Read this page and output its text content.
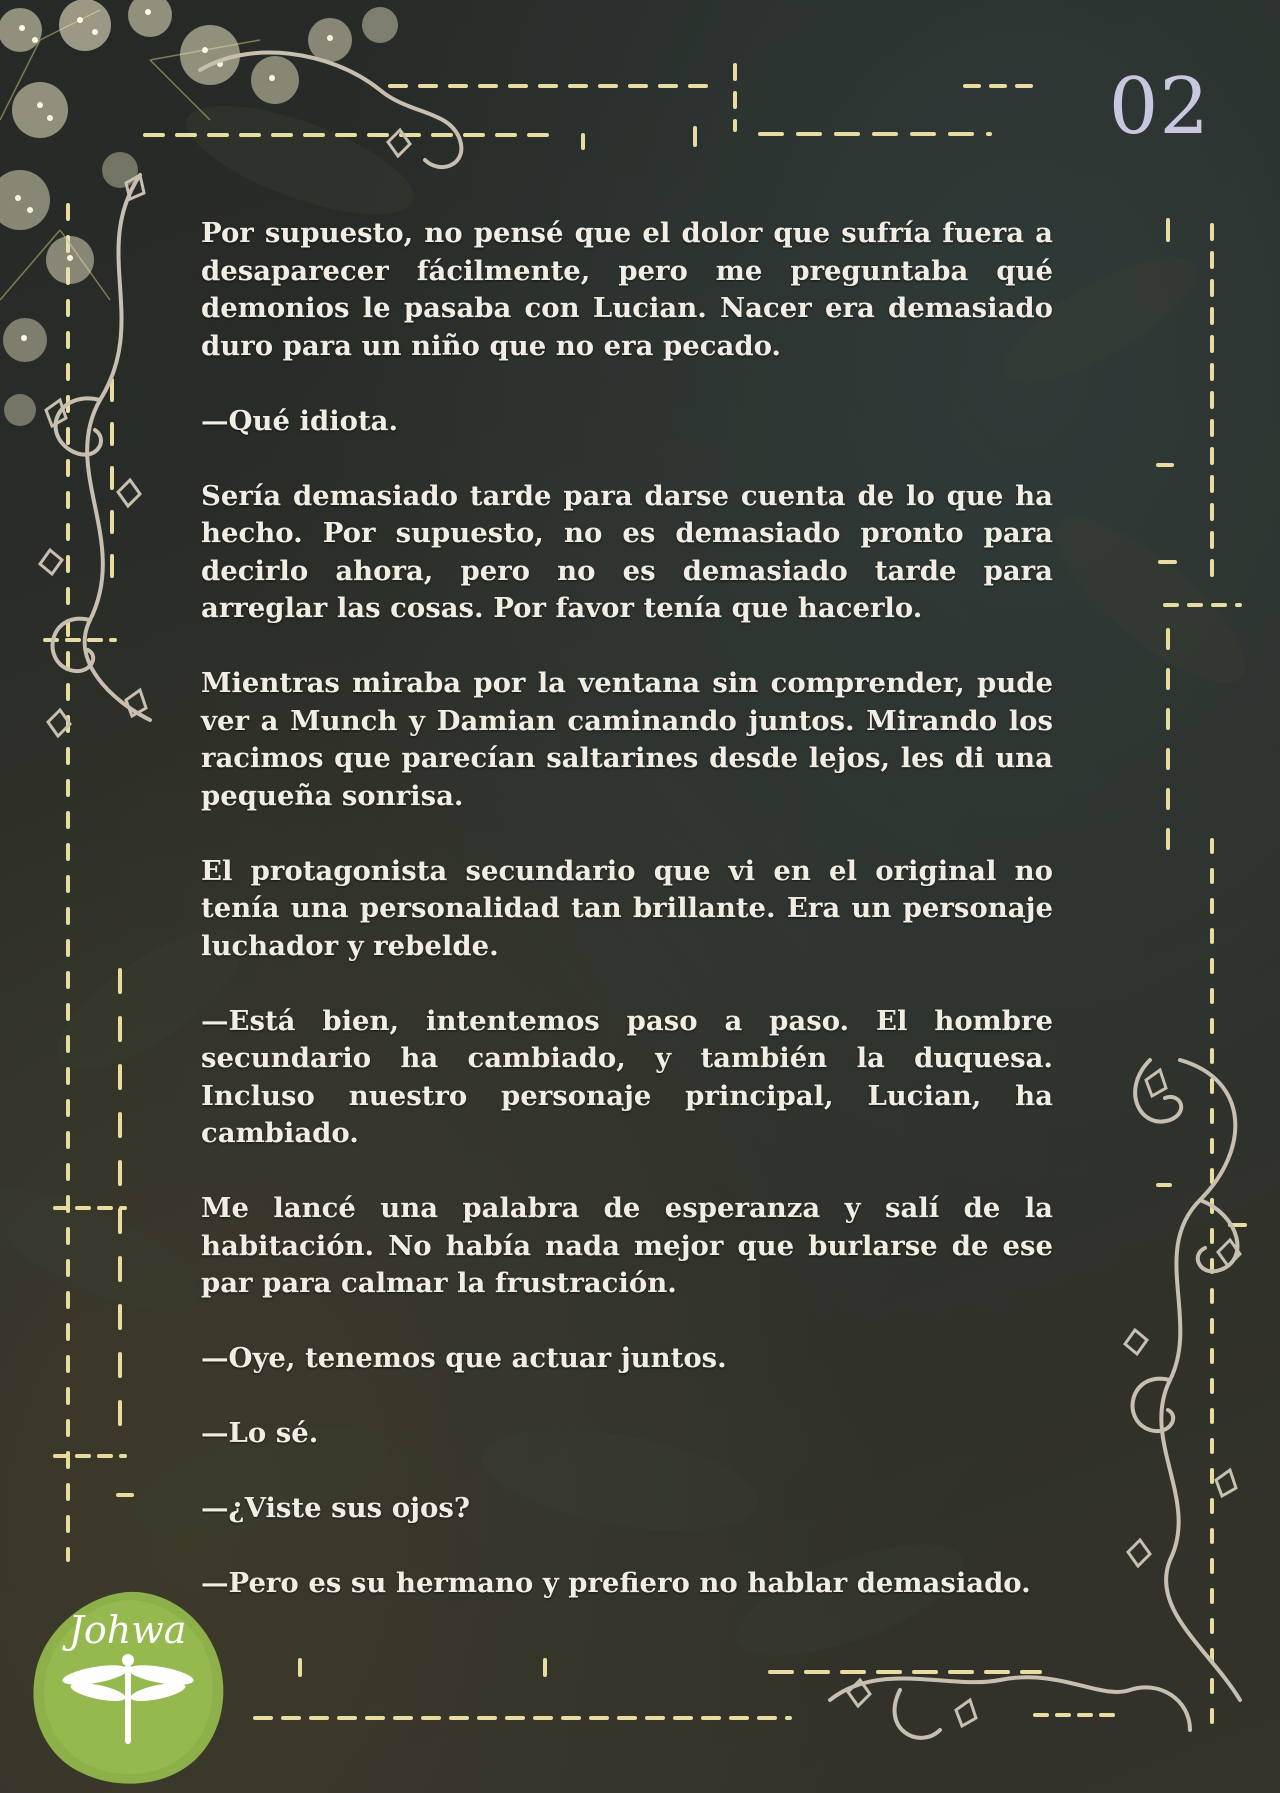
Johwa
02

Por supuesto, no pensé que el dolor que sufría fuera a desaparecer fácilmente, pero me preguntaba qué demonios le pasaba con Lucian. Nacer era demasiado duro para un niño que no era pecado.

—Qué idiota.

Sería demasiado tarde para darse cuenta de lo que ha hecho. Por supuesto, no es demasiado pronto para decirlo ahora, pero no es demasiado tarde para arreglar las cosas. Por favor tenía que hacerlo.

Mientras miraba por la ventana sin comprender, pude ver a Munch y Damian caminando juntos. Mirando los racimos que parecían saltarines desde lejos, les di una pequeña sonrisa.

El protagonista secundario que vi en el original no tenía una personalidad tan brillante. Era un personaje luchador y rebelde.

—Está bien, intentemos paso a paso. El hombre secundario ha cambiado, y también la duquesa. Incluso nuestro personaje principal, Lucian, ha cambiado.

Me lancé una palabra de esperanza y salí de la habitación. No había nada mejor que burlarse de ese par para calmar la frustración.

—Oye, tenemos que actuar juntos.

—Lo sé.

—¿Viste sus ojos?

—Pero es su hermano y prefiero no hablar demasiado.
